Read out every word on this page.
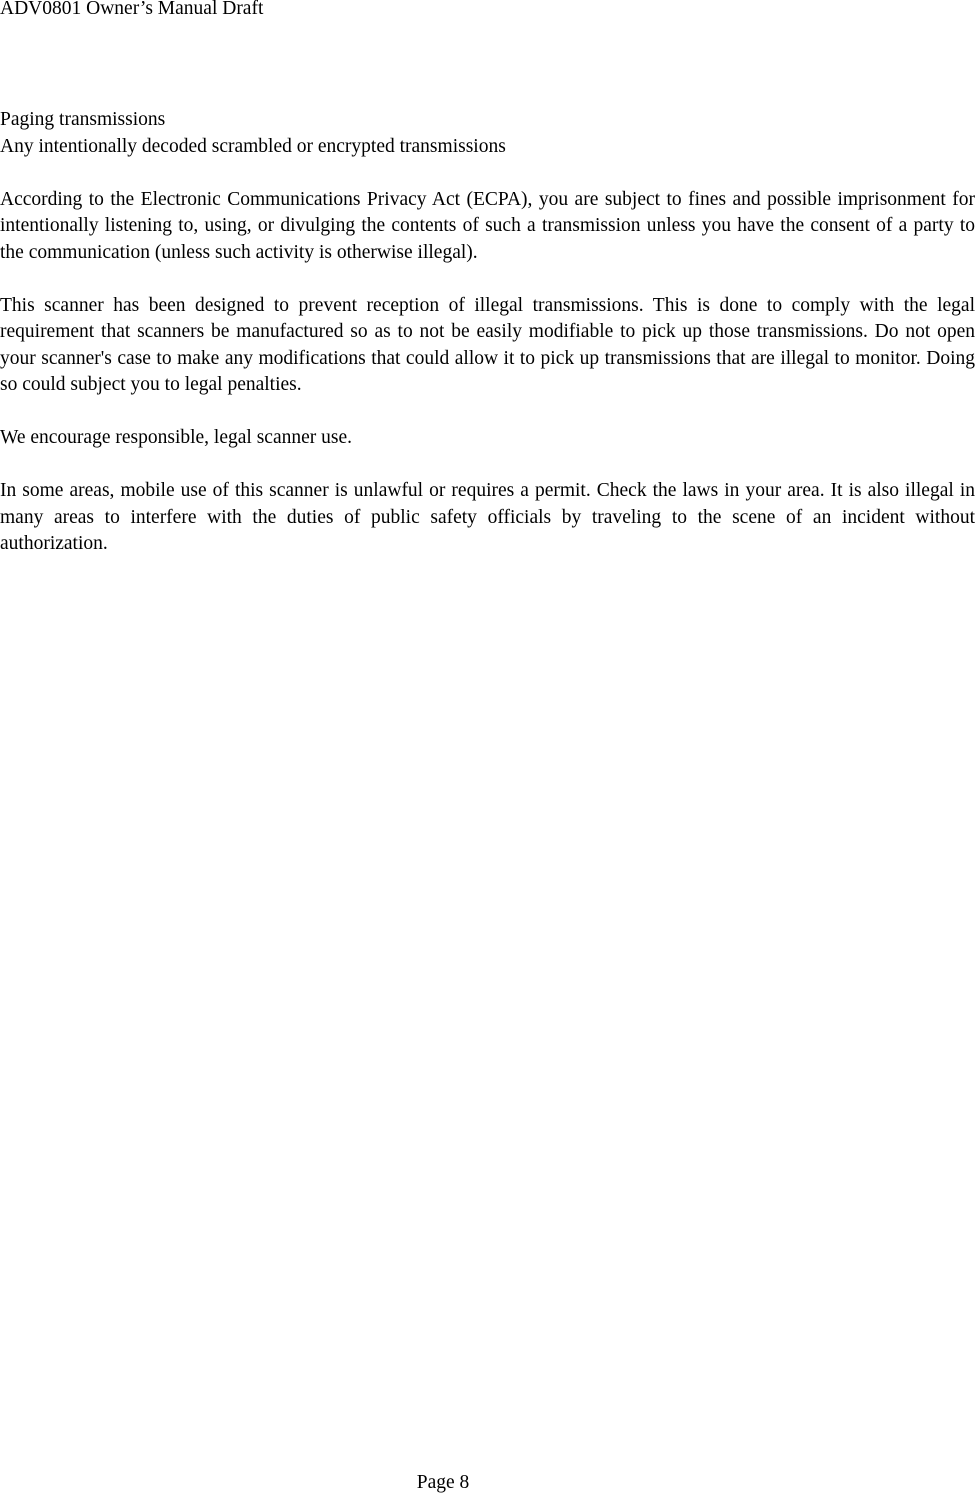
ADV0801 Owner’s Manual Draft

Paging transmissions

Any intentionally decoded scrambled or encrypted transmissions

According to the Electronic Communications Privacy Act (ECPA), you are subject to fines and possible imprisonment for intentionally listening to, using, or divulging the contents of such a transmission unless you have the consent of a party to the communication (unless such activity is otherwise illegal).

This scanner has been designed to prevent reception of illegal transmissions. This is done to comply with the legal requirement that scanners be manufactured so as to not be easily modifiable to pick up those transmissions. Do not open your scanner's case to make any modifications that could allow it to pick up transmissions that are illegal to monitor. Doing so could subject you to legal penalties.

We encourage responsible, legal scanner use.

In some areas, mobile use of this scanner is unlawful or requires a permit. Check the laws in your area. It is also illegal in many areas to interfere with the duties of public safety officials by traveling to the scene of an incident without authorization.

Page 8
